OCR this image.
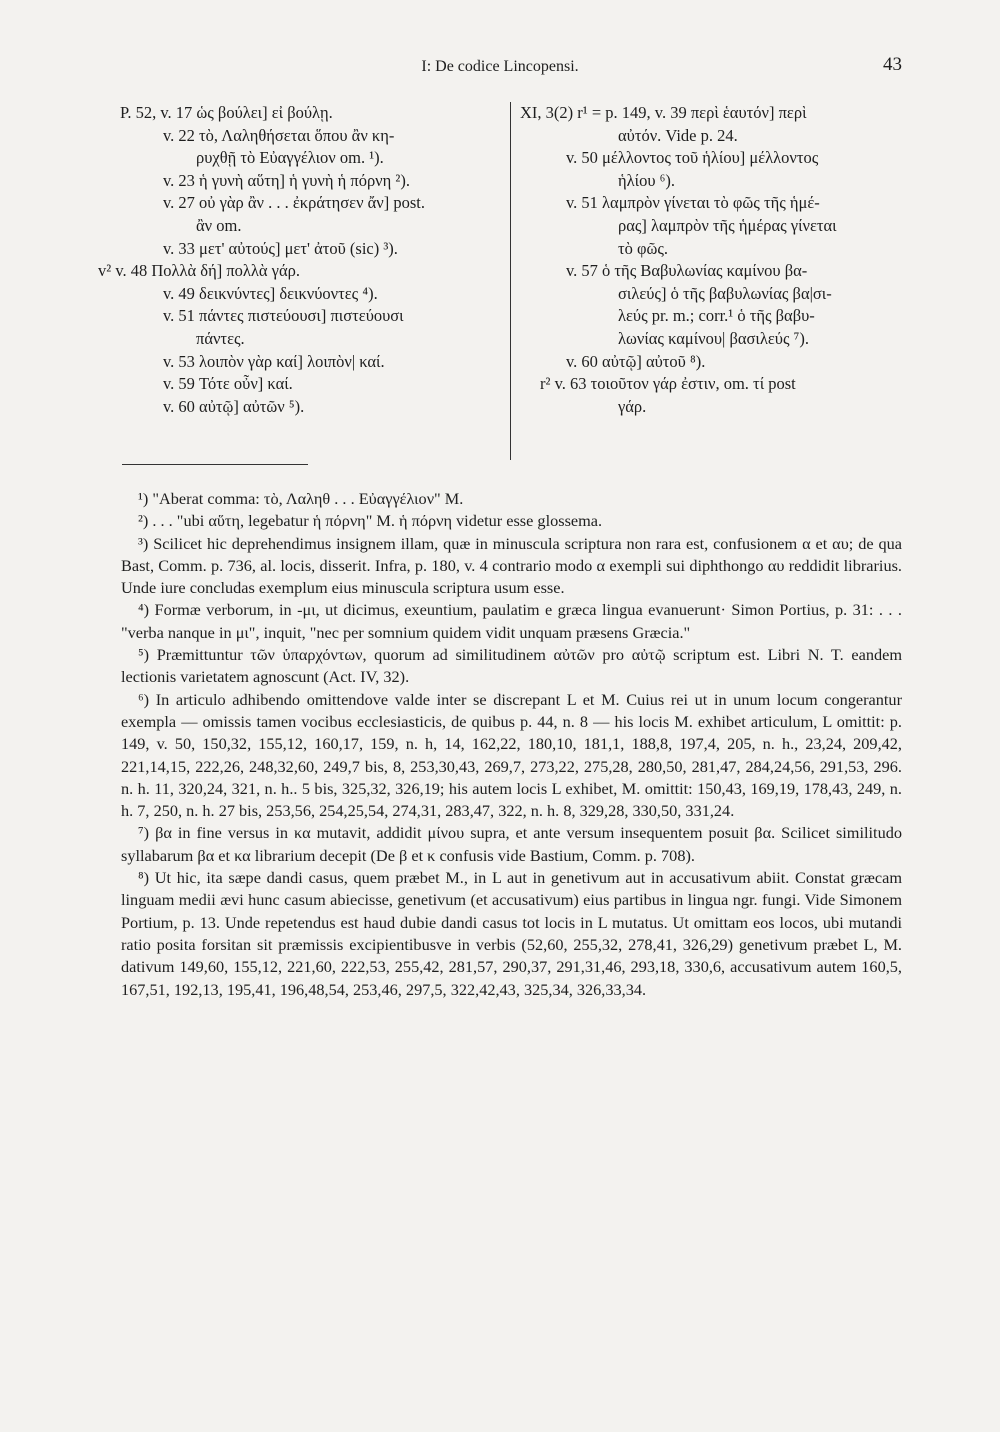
I: De codice Lincopensi.	43
P. 52, v. 17 ὡς βούλει] εἰ βούλῃ.
v. 22 τὸ, Λαληθήσεται ὅπου ἂν κη-
ρυχθῇ τὸ Εὐαγγέλιον om. ¹).
v. 23 ἡ γυνὴ αὕτη] ἡ γυνὴ ἡ πόρνη ²).
v. 27 οὐ γὰρ ἂν . . . ἐκράτησεν ἄν] post.
ἂν om.
v. 33 μετ' αὐτούς] μετ' ἀτοῦ (sic) ³).
v² v. 48 Πολλὰ δή] πολλὰ γάρ.
v. 49 δεικνύντες] δεικνύοντες ⁴).
v. 51 πάντες πιστεύουσι] πιστεύουσι
πάντες.
v. 53 λοιπὸν γὰρ καί] λοιπὸν| καί.
v. 59 Τότε οὖν] καί.
v. 60 αὐτῷ] αὐτῶν ⁵).
XI, 3(2) r¹ = p. 149, v. 39 περὶ ἑαυτόν] περὶ
αὐτόν. Vide p. 24.
v. 50 μέλλοντος τοῦ ἡλίου] μέλλοντος
ἡλίου ⁶).
v. 51 λαμπρὸν γίνεται τὸ φῶς τῆς ἡμέ-
ρας] λαμπρὸν τῆς ἡμέρας γίνεται
τὸ φῶς.
v. 57 ὁ τῆς Βαβυλωνίας καμίνου βα-
σιλεύς] ὁ τῆς βαβυλωνίας βα|σι-
λεύς pr. m.; corr.¹ ὁ τῆς βαβυ-
λωνίας καμίνου| βασιλεύς ⁷).
v. 60 αὐτῷ] αὐτοῦ ⁸).
r² v. 63 τοιοῦτον γάρ ἐστιν, om. τί post
γάρ.

¹) "Aberat comma: τὸ, Λαληθ . . . Εὐαγγέλιον" M.

²) . . . "ubi αὕτη, legebatur ἡ πόρνη" M. ἡ πόρνη videtur esse glossema.

³) Scilicet hic deprehendimus insignem illam, quæ in minuscula scriptura non rara est, confusionem α et αυ; de qua Bast, Comm. p. 736, al. locis, disserit. Infra, p. 180, v. 4 contrario modo α exempli sui diphthongo αυ reddidit librarius. Unde iure concludas exemplum eius minuscula scriptura usum esse.

⁴) Formæ verborum, in -μι, ut dicimus, exeuntium, paulatim e græca lingua evanuerunt· Simon Portius, p. 31: . . . "verba nanque in μι", inquit, "nec per somnium quidem vidit unquam præsens Græcia."

⁵) Præmittuntur τῶν ὑπαρχόντων, quorum ad similitudinem αὐτῶν pro αὐτῷ scriptum est. Libri N. T. eandem lectionis varietatem agnoscunt (Act. IV, 32).

⁶) In articulo adhibendo omittendove valde inter se discrepant L et M. Cuius rei ut in unum locum congerantur exempla — omissis tamen vocibus ecclesiasticis, de quibus p. 44, n. 8 — his locis M. exhibet articulum, L omittit: p. 149, v. 50, 150,32, 155,12, 160,17, 159, n. h, 14, 162,22, 180,10, 181,1, 188,8, 197,4, 205, n. h., 23,24, 209,42, 221,14,15, 222,26, 248,32,60, 249,7 bis, 8, 253,30,43, 269,7, 273,22, 275,28, 280,50, 281,47, 284,24,56, 291,53, 296. n. h. 11, 320,24, 321, n. h.. 5 bis, 325,32, 326,19; his autem locis L exhibet, M. omittit: 150,43, 169,19, 178,43, 249, n. h. 7, 250, n. h. 27 bis, 253,56, 254,25,54, 274,31, 283,47, 322, n. h. 8, 329,28, 330,50, 331,24.

⁷) βα in fine versus in κα mutavit, addidit μίνου supra, et ante versum insequentem posuit βα. Scilicet similitudo syllabarum βα et κα librarium decepit (De β et κ confusis vide Bastium, Comm. p. 708).

⁸) Ut hic, ita sæpe dandi casus, quem præbet M., in L aut in genetivum aut in accusativum abiit. Constat græcam linguam medii ævi hunc casum abiecisse, genetivum (et accusativum) eius partibus in lingua ngr. fungi. Vide Simonem Portium, p. 13. Unde repetendus est haud dubie dandi casus tot locis in L mutatus. Ut omittam eos locos, ubi mutandi ratio posita forsitan sit præmissis excipientibusve in verbis (52,60, 255,32, 278,41, 326,29) genetivum præbet L, M. dativum 149,60, 155,12, 221,60, 222,53, 255,42, 281,57, 290,37, 291,31,46, 293,18, 330,6, accusativum autem 160,5, 167,51, 192,13, 195,41, 196,48,54, 253,46, 297,5, 322,42,43, 325,34, 326,33,34.
